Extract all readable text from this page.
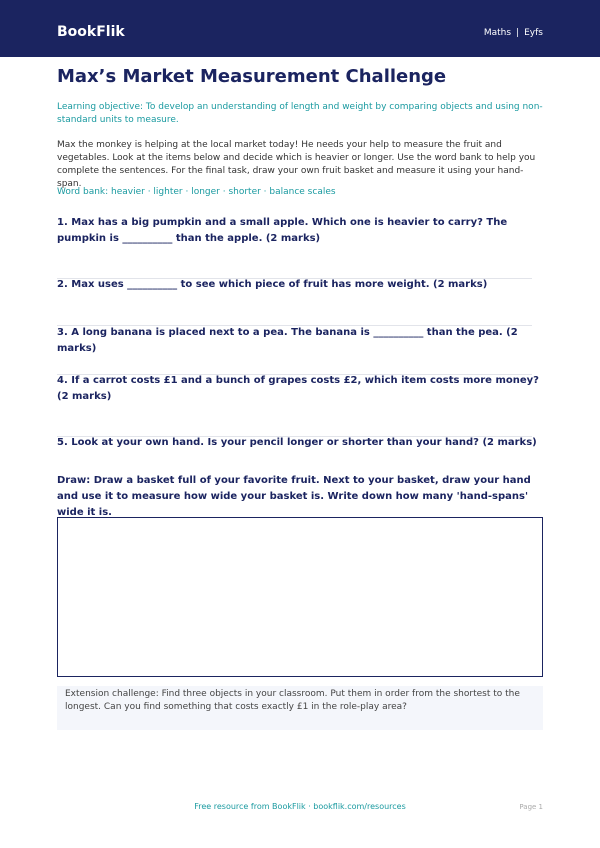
BookFlik	Maths | Eyfs
Max’s Market Measurement Challenge

Learning objective: To develop an understanding of length and weight by comparing objects and using non-standard units to measure.

Max the monkey is helping at the local market today! He needs your help to measure the fruit and vegetables. Look at the items below and decide which is heavier or longer. Use the word bank to help you complete the sentences. For the final task, draw your own fruit basket and measure it using your hand-span.

Word bank: heavier · lighter · longer · shorter · balance scales

1. Max has a big pumpkin and a small apple. Which one is heavier to carry? The pumpkin is __________ than the apple. (2 marks)
2. Max uses __________ to see which piece of fruit has more weight. (2 marks)
3. A long banana is placed next to a pea. The banana is __________ than the pea. (2 marks)
4. If a carrot costs £1 and a bunch of grapes costs £2, which item costs more money? (2 marks)
5. Look at your own hand. Is your pencil longer or shorter than your hand? (2 marks)
Draw: Draw a basket full of your favorite fruit. Next to your basket, draw your hand and use it to measure how wide your basket is. Write down how many 'hand-spans' wide it is.
Extension challenge: Find three objects in your classroom. Put them in order from the shortest to the longest. Can you find something that costs exactly £1 in the role-play area?
Free resource from BookFlik · bookflik.com/resources	Page 1
